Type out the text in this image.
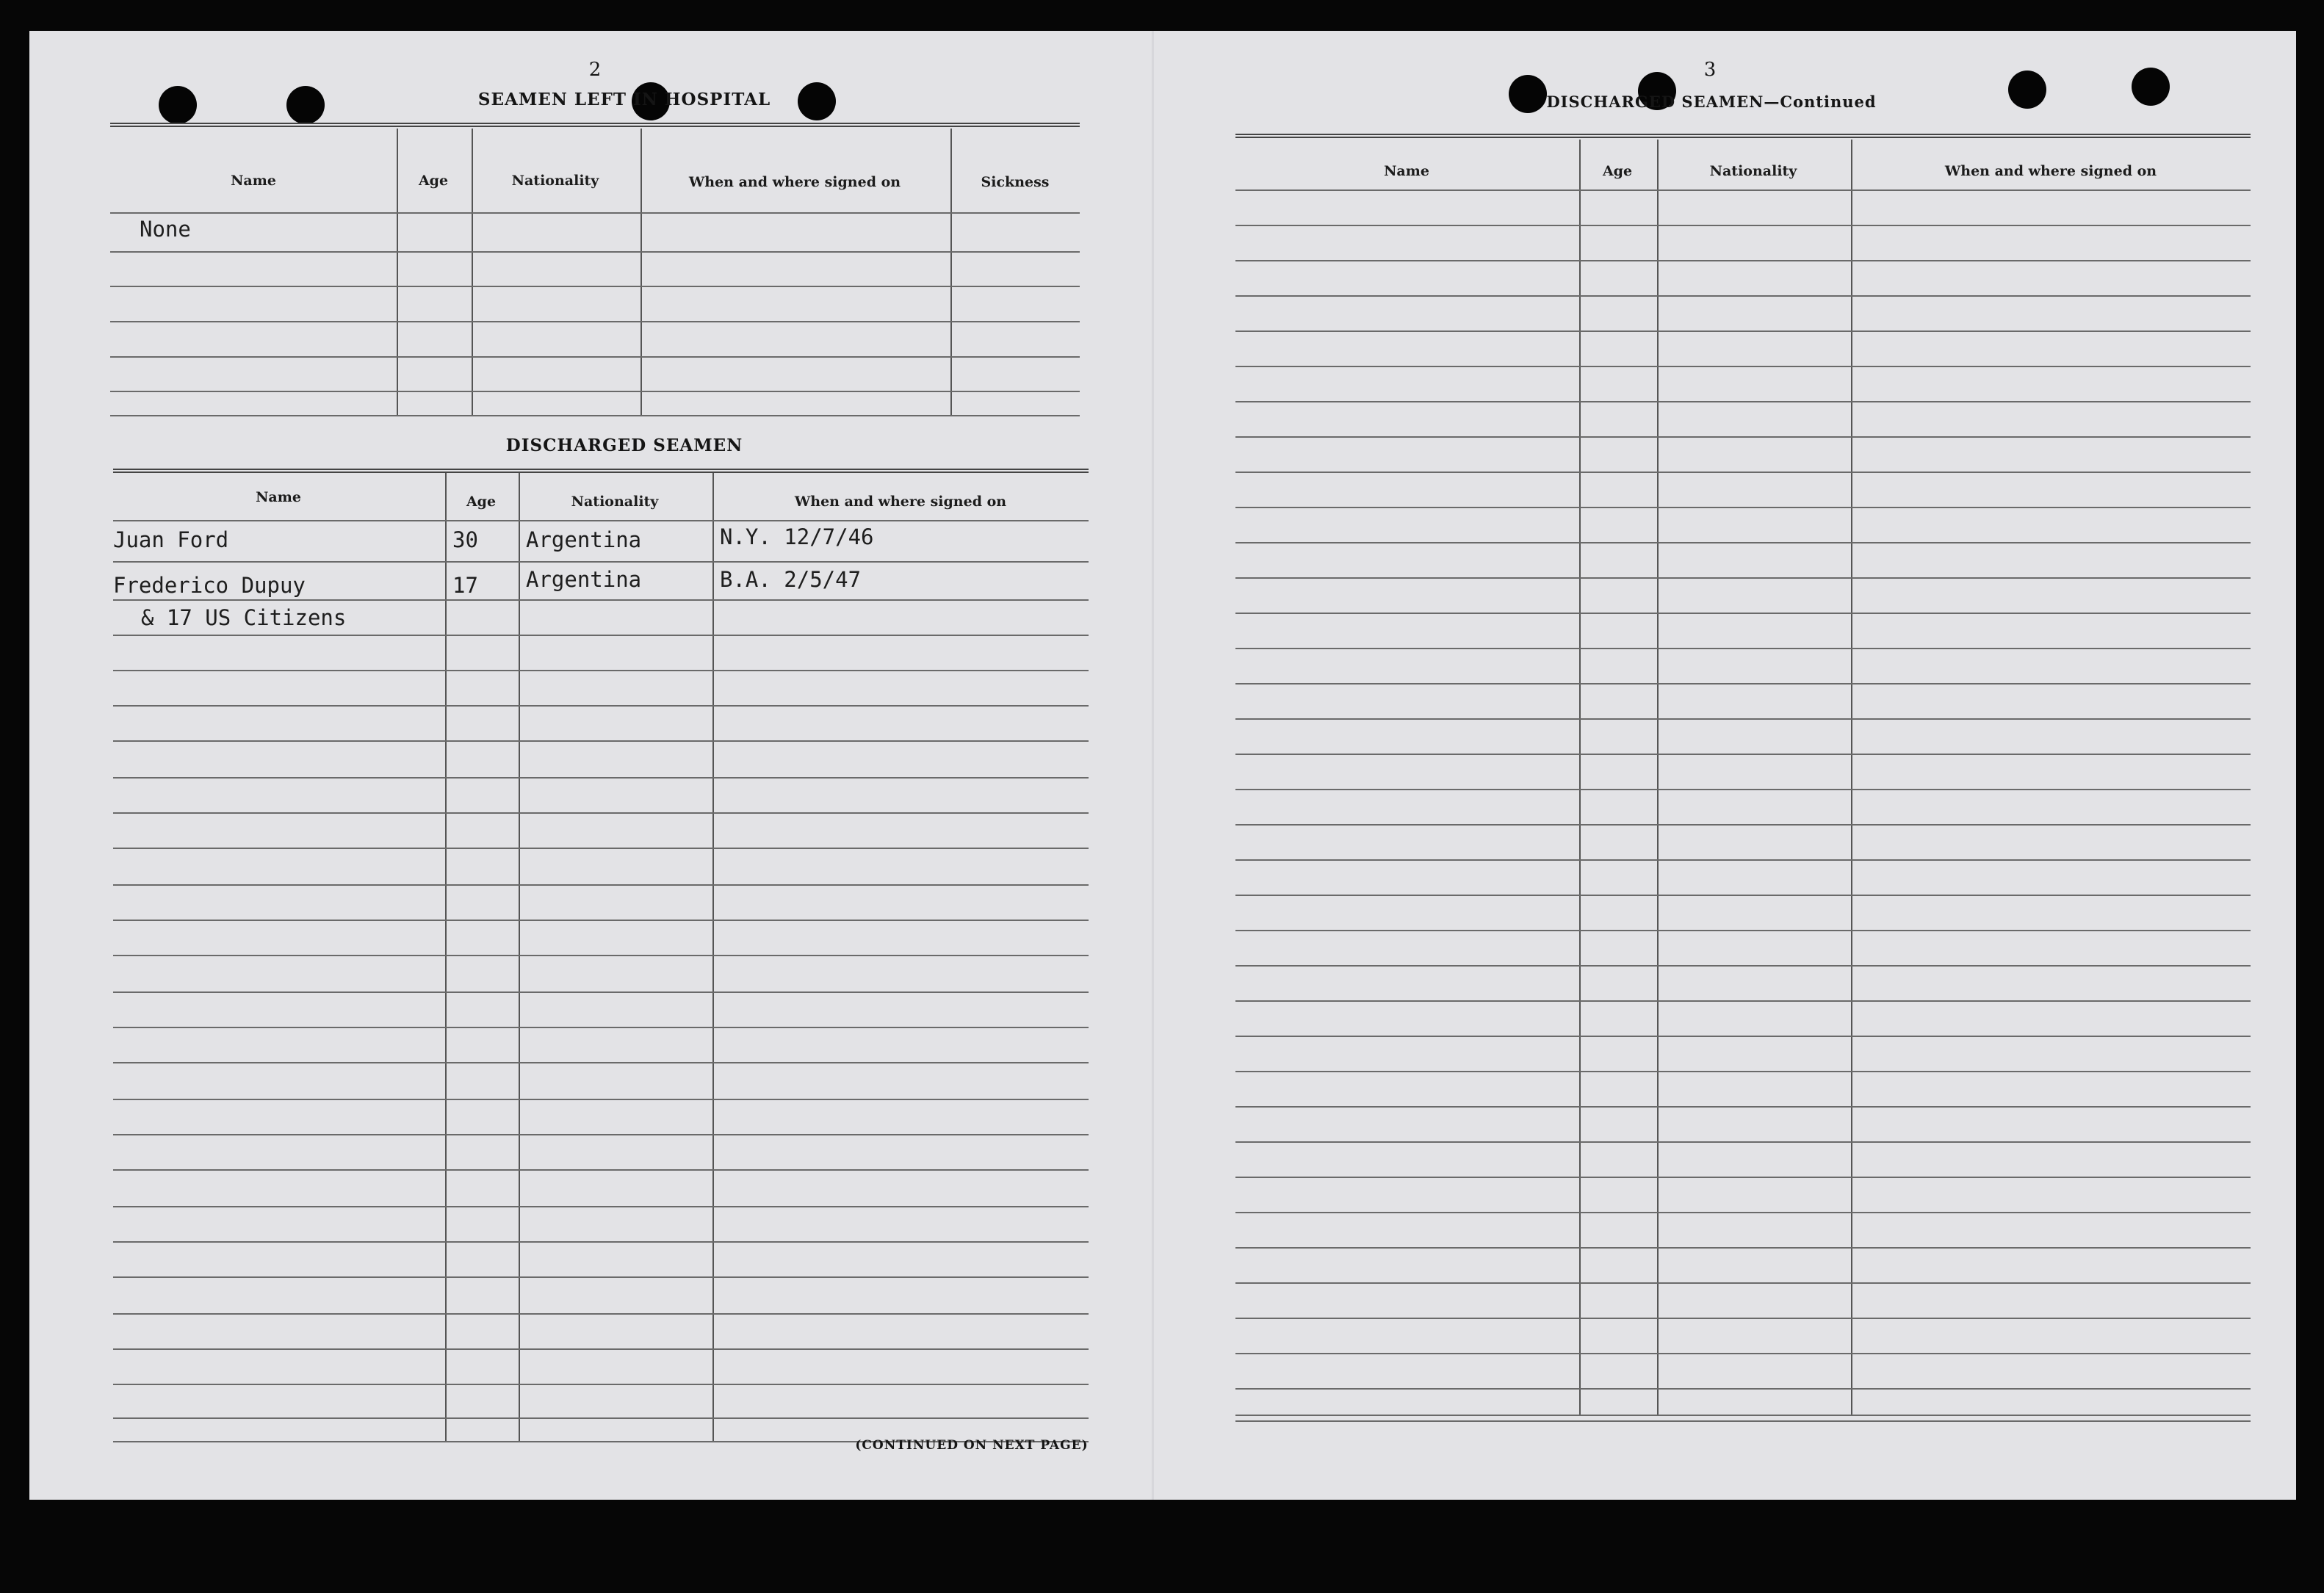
2
SEAMEN LEFT IN HOSPITAL
Name	Age	Nationality	When and where signed on	Sickness
None
DISCHARGED SEAMEN
Name	Age	Nationality	When and where signed on
Juan Ford	30 Argentina	N.Y. 12/7/46
Frederico Dupuy	17 Argentina	B.A. 2/5/47
& 17 US Citizens
(CONTINUED ON NEXT PAGE)
3
DISCHARGED SEAMEN—Continued
Name	Age	Nationality	When and where signed on
